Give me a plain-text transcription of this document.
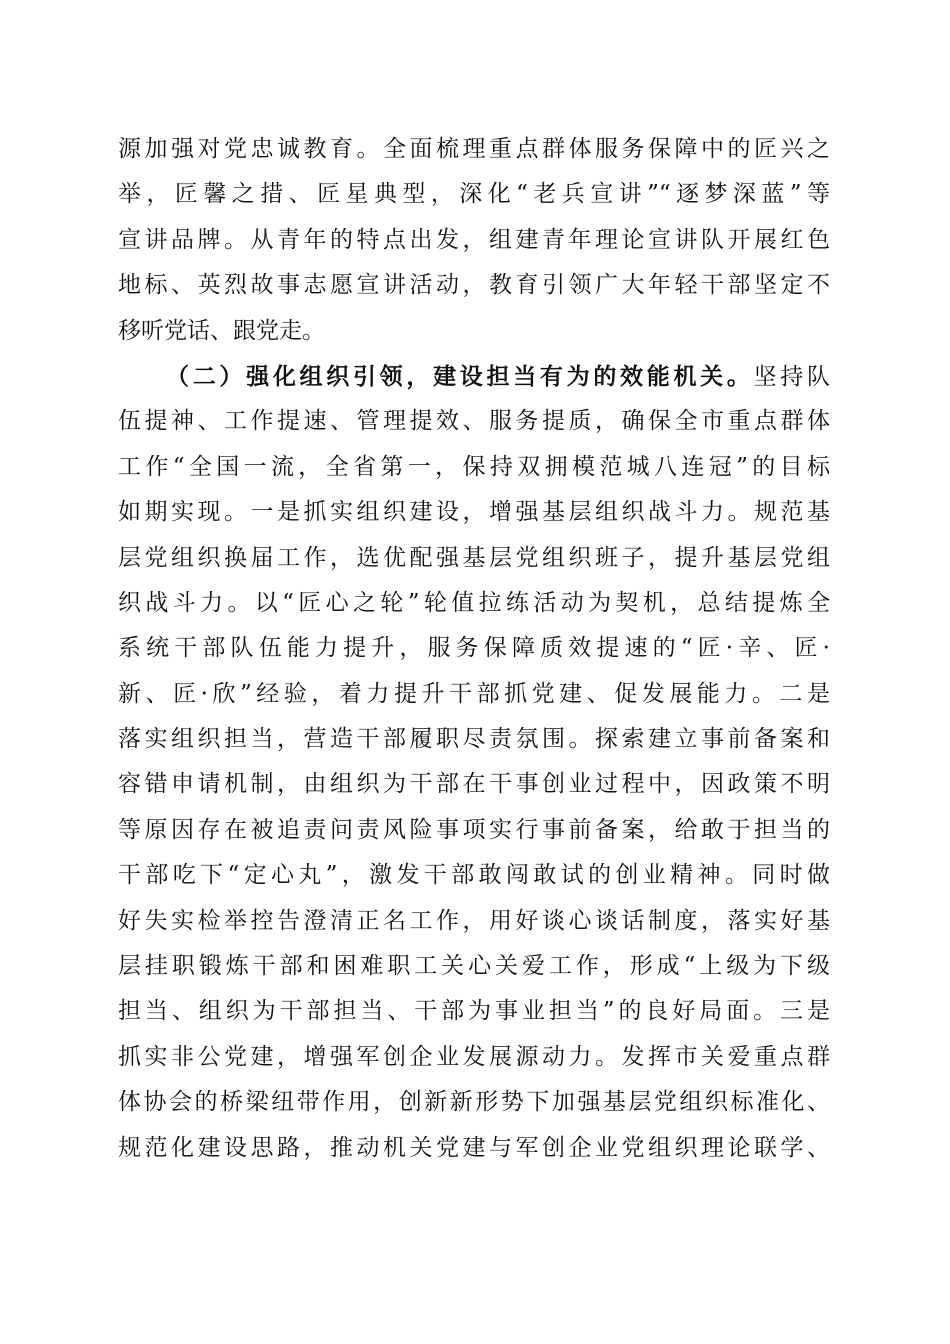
源加强对党忠诚教育。全面梳理重点群体服务保障中的匠兴之
举，匠馨之措、匠星典型，深化“老兵宣讲”“逐梦深蓝”等
宣讲品牌。从青年的特点出发，组建青年理论宣讲队开展红色
地标、英烈故事志愿宣讲活动，教育引领广大年轻干部坚定不
移听党话、跟党走。
（二）强化组织引领，建设担当有为的效能机关。坚持队
伍提神、工作提速、管理提效、服务提质，确保全市重点群体
工作“全国一流，全省第一，保持双拥模范城八连冠”的目标
如期实现。一是抓实组织建设，增强基层组织战斗力。规范基
层党组织换届工作，选优配强基层党组织班子，提升基层党组
织战斗力。以“匠心之轮”轮值拉练活动为契机，总结提炼全
系统干部队伍能力提升，服务保障质效提速的“匠·辛、匠·
新、匠·欣”经验，着力提升干部抓党建、促发展能力。二是
落实组织担当，营造干部履职尽责氛围。探索建立事前备案和
容错申请机制，由组织为干部在干事创业过程中，因政策不明
等原因存在被追责问责风险事项实行事前备案，给敢于担当的
干部吃下“定心丸”，激发干部敢闯敢试的创业精神。同时做
好失实检举控告澄清正名工作，用好谈心谈话制度，落实好基
层挂职锻炼干部和困难职工关心关爱工作，形成“上级为下级
担当、组织为干部担当、干部为事业担当”的良好局面。三是
抓实非公党建，增强军创企业发展源动力。发挥市关爱重点群
体协会的桥梁纽带作用，创新新形势下加强基层党组织标准化、
规范化建设思路，推动机关党建与军创企业党组织理论联学、
